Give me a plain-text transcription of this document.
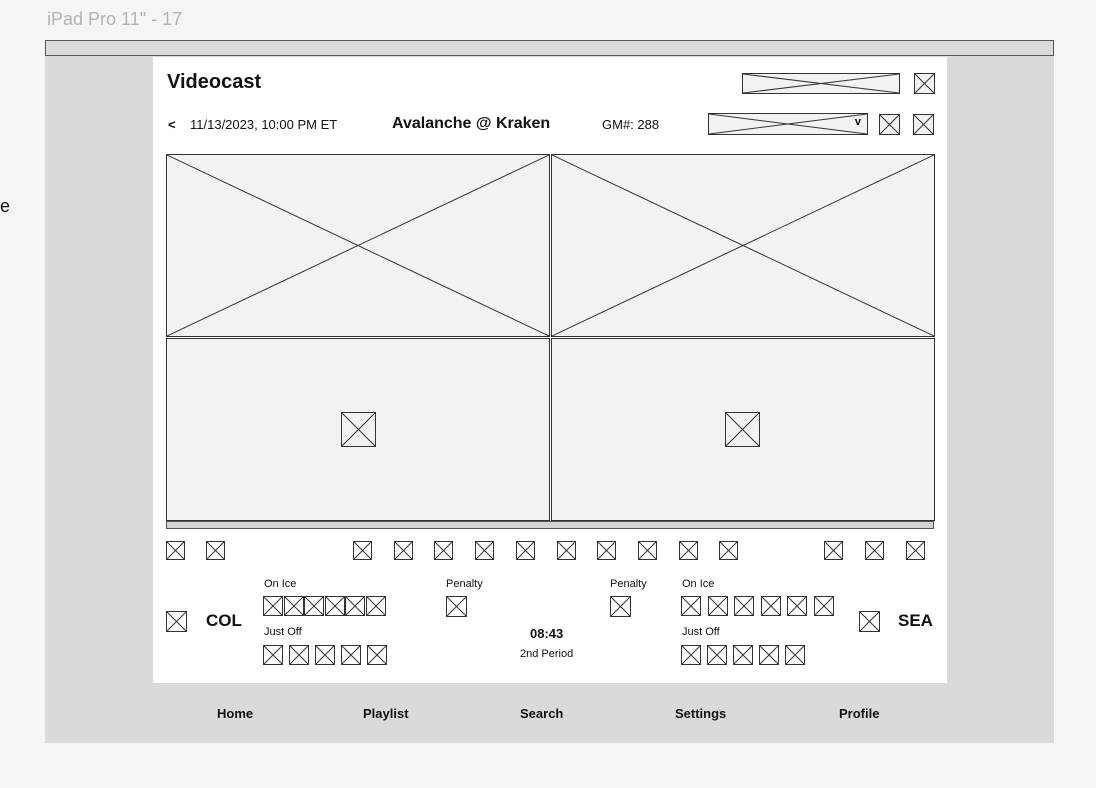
iPad Pro 11" - 17
e
Videocast
< 11/13/2023, 10:00 PM ET	Avalanche @ Kraken	GM#: 288	v
COL
On Ice
Just Off
Penalty
08:43
2nd Period
Penalty	On Ice
Just Off
SEA
Home	Playlist	Search	Settings	Profile
